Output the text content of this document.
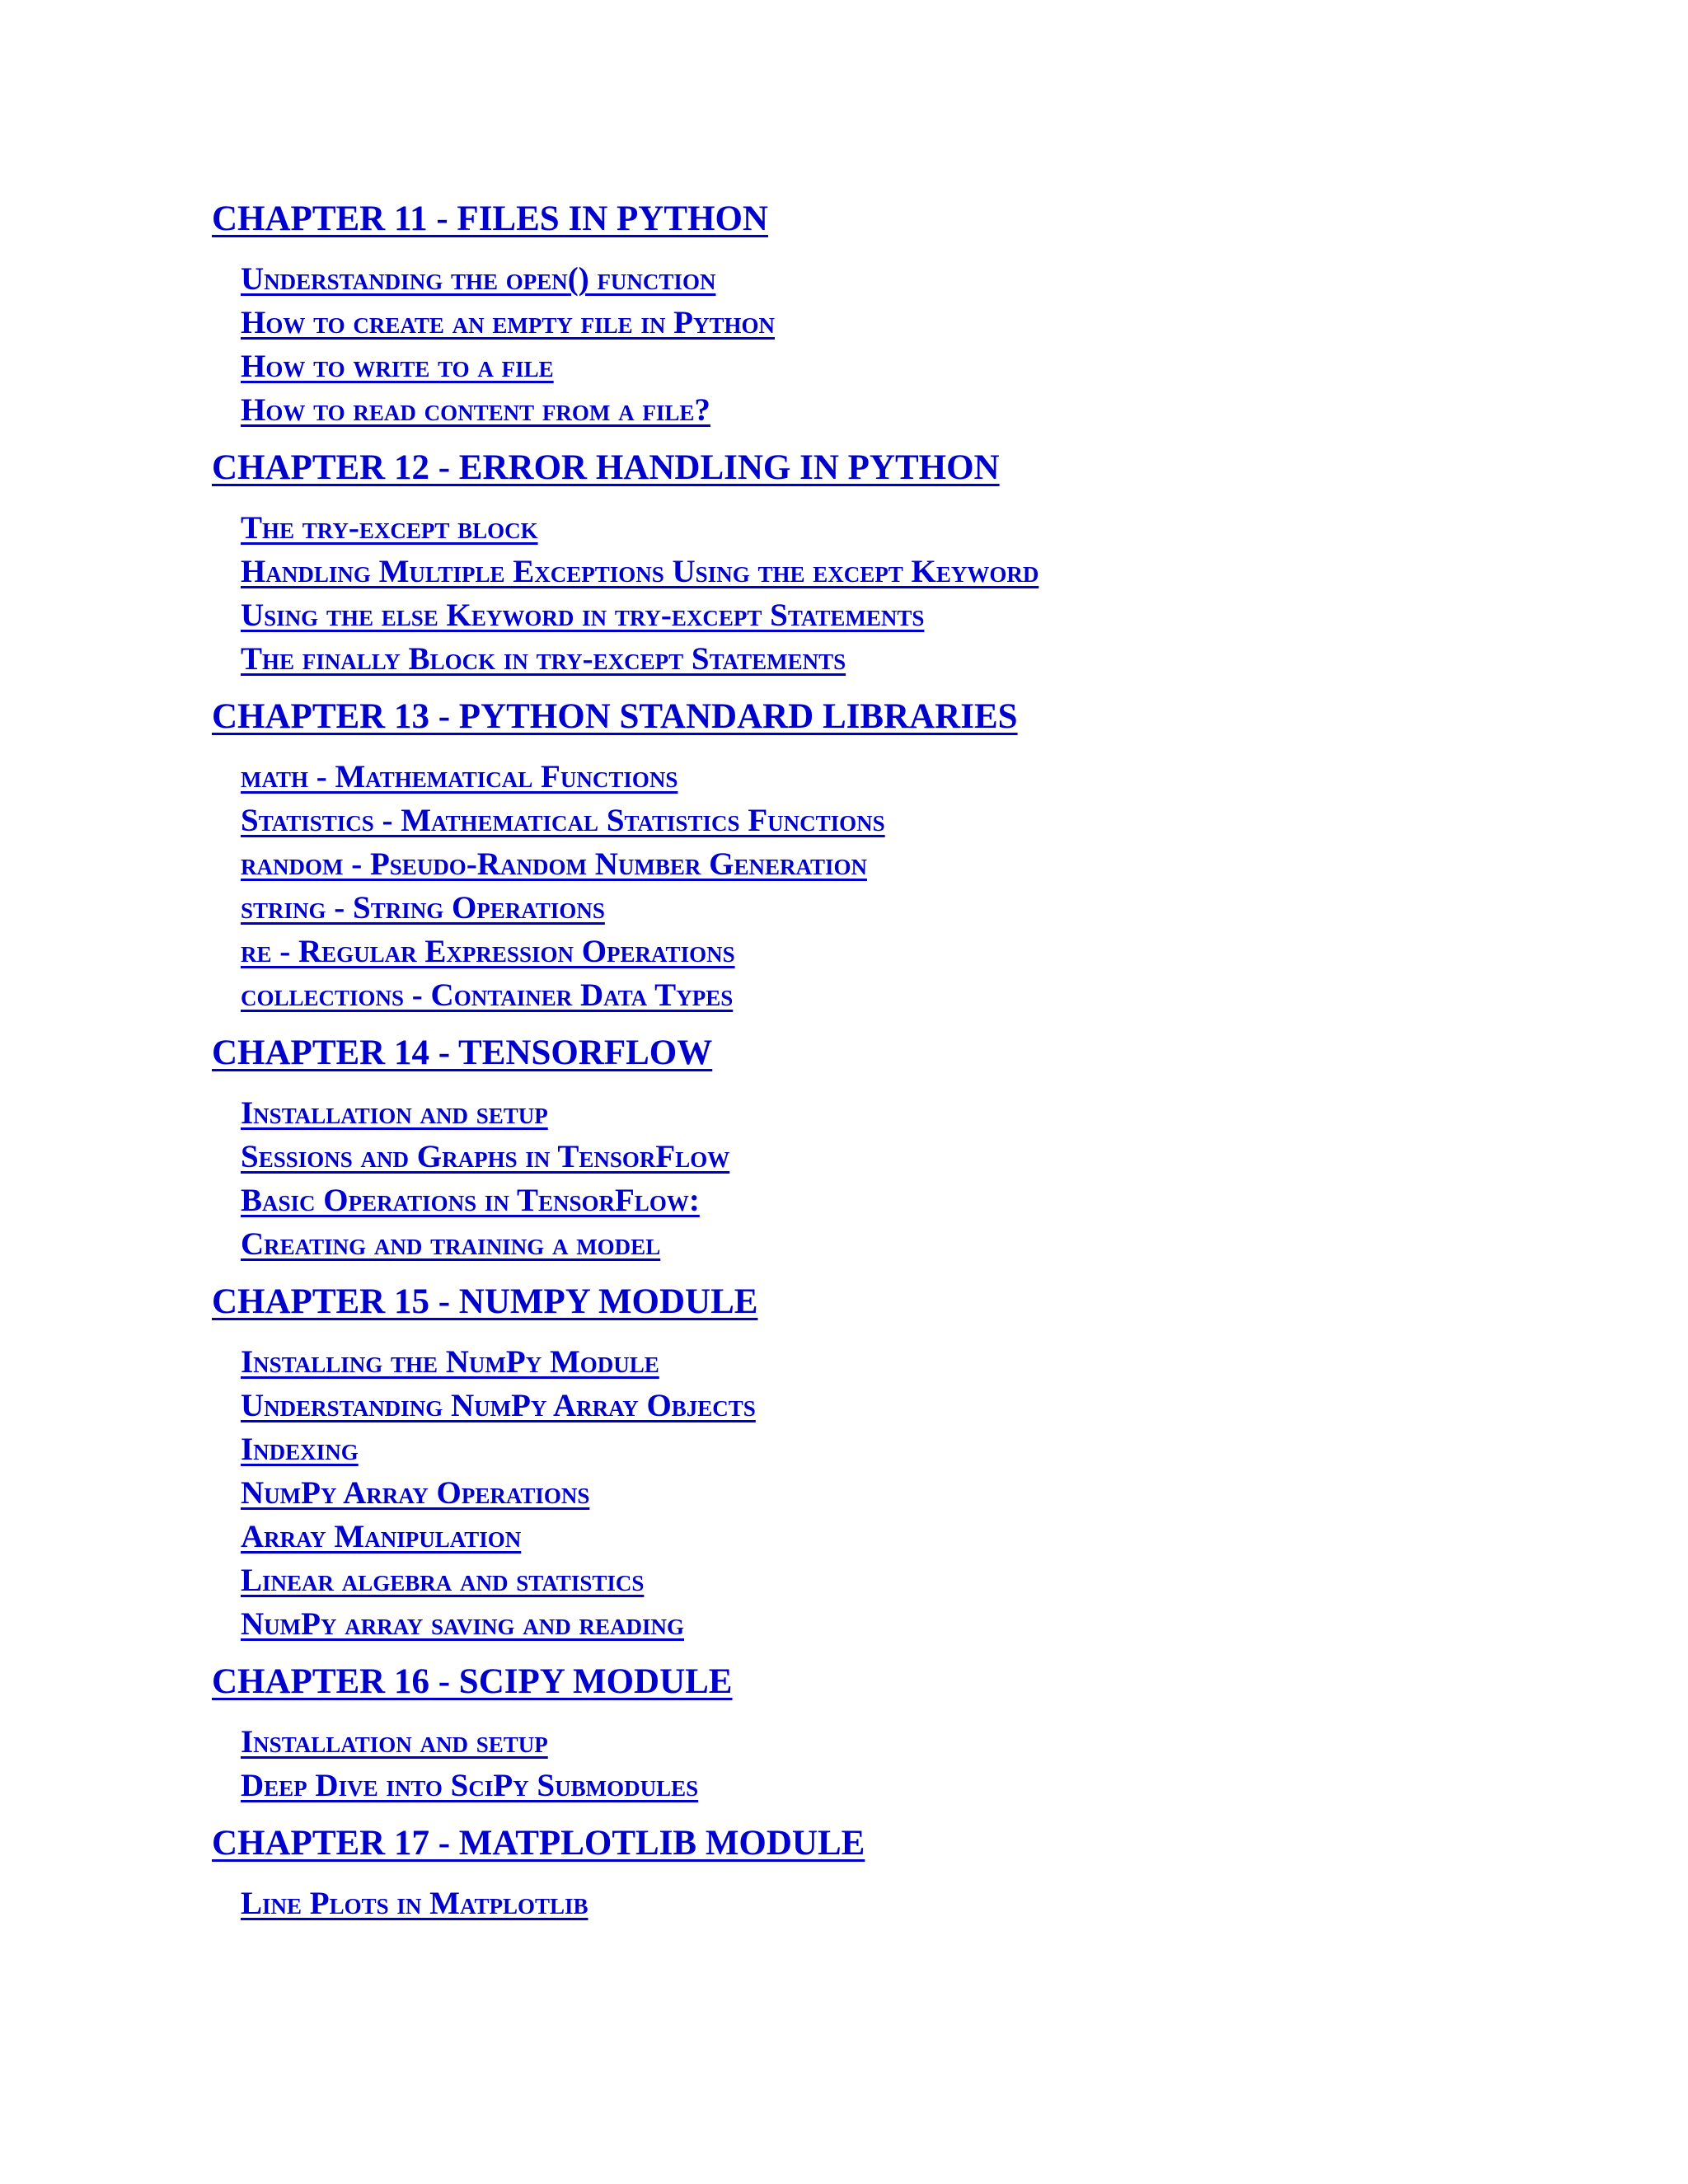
CHAPTER 11 - FILES IN PYTHON
Understanding the open() function
How to create an empty file in Python
How to write to a file
How to read content from a file?
CHAPTER 12 - ERROR HANDLING IN PYTHON
The try-except block
Handling Multiple Exceptions Using the except Keyword
Using the else Keyword in try-except Statements
The finally Block in try-except Statements
CHAPTER 13 - PYTHON STANDARD LIBRARIES
math - Mathematical Functions
Statistics - Mathematical Statistics Functions
random - Pseudo-Random Number Generation
string - String Operations
re - Regular Expression Operations
collections - Container Data Types
CHAPTER 14 - TENSORFLOW
Installation and setup
Sessions and Graphs in TensorFlow
Basic Operations in TensorFlow:
Creating and training a model
CHAPTER 15 - NUMPY MODULE
Installing the NumPy Module
Understanding NumPy Array Objects
Indexing
NumPy Array Operations
Array Manipulation
Linear algebra and statistics
NumPy array saving and reading
CHAPTER 16 - SCIPY MODULE
Installation and setup
Deep Dive into SciPy Submodules
CHAPTER 17 - MATPLOTLIB MODULE
Line Plots in Matplotlib
